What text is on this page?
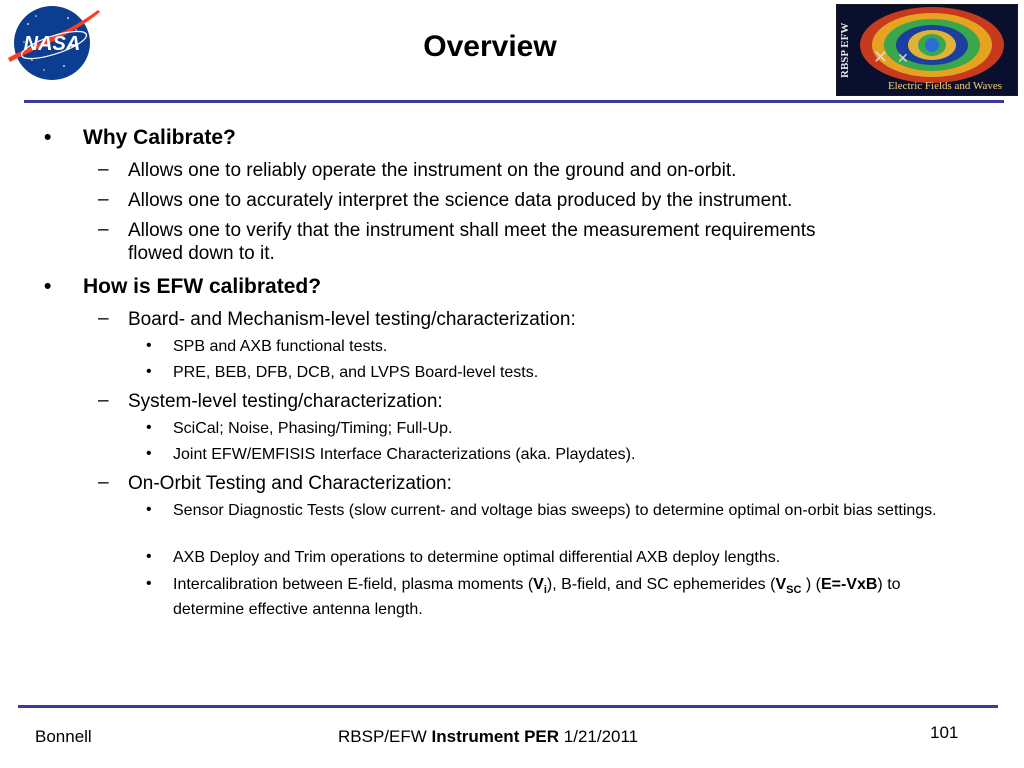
NASA	Overview	✕ ✕
RBSP EFW
Electric Fields and Waves
• Why Calibrate?
– Allows one to reliably operate the instrument on the ground and on-orbit.
– Allows one to accurately interpret the science data produced by the instrument.
– Allows one to verify that the instrument shall meet the measurement requirements flowed down to it.
• How is EFW calibrated?
– Board- and Mechanism-level testing/characterization:
• SPB and AXB functional tests.
• PRE, BEB, DFB, DCB, and LVPS Board-level tests.
– System-level testing/characterization:
• SciCal; Noise, Phasing/Timing; Full-Up.
• Joint EFW/EMFISIS Interface Characterizations (aka. Playdates).
– On-Orbit Testing and Characterization:
• Sensor Diagnostic Tests (slow current- and voltage bias sweeps) to determine optimal on-orbit bias settings.
• AXB Deploy and Trim operations to determine optimal differential AXB deploy lengths.
• Intercalibration between E-field, plasma moments $(V_i)$, B-field, and SC ephemerides ($V_{SC}$ ) (E=-VxB) to determine effective antenna length.
Bonnell	RBSP/EFW Instrument PER 1/21/2011	101
